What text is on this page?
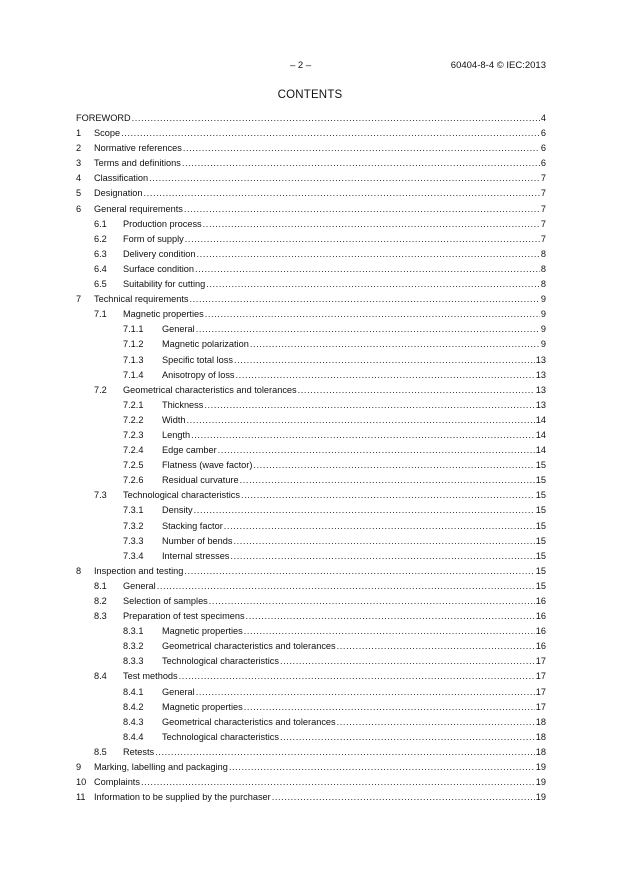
– 2 –	60404-8-4 © IEC:2013
CONTENTS
FOREWORD .....	4
1 Scope .....	6
2 Normative references .....	6
3 Terms and definitions .....	6
4 Classification .....	7
5 Designation .....	7
6 General requirements .....	7
6.1 Production process .....	7
6.2 Form of supply .....	7
6.3 Delivery condition .....	8
6.4 Surface condition .....	8
6.5 Suitability for cutting .....	8
7 Technical requirements .....	9
7.1 Magnetic properties .....	9
7.1.1 General .....	9
7.1.2 Magnetic polarization .....	9
7.1.3 Specific total loss .....	13
7.1.4 Anisotropy of loss .....	13
7.2 Geometrical characteristics and tolerances .....	13
7.2.1 Thickness .....	13
7.2.2 Width .....	14
7.2.3 Length .....	14
7.2.4 Edge camber .....	14
7.2.5 Flatness (wave factor) .....	15
7.2.6 Residual curvature .....	15
7.3 Technological characteristics .....	15
7.3.1 Density .....	15
7.3.2 Stacking factor .....	15
7.3.3 Number of bends .....	15
7.3.4 Internal stresses .....	15
8 Inspection and testing .....	15
8.1 General .....	15
8.2 Selection of samples .....	16
8.3 Preparation of test specimens .....	16
8.3.1 Magnetic properties .....	16
8.3.2 Geometrical characteristics and tolerances .....	16
8.3.3 Technological characteristics .....	17
8.4 Test methods .....	17
8.4.1 General .....	17
8.4.2 Magnetic properties .....	17
8.4.3 Geometrical characteristics and tolerances .....	18
8.4.4 Technological characteristics .....	18
8.5 Retests .....	18
9 Marking, labelling and packaging .....	19
10 Complaints .....	19
11 Information to be supplied by the purchaser .....	19
